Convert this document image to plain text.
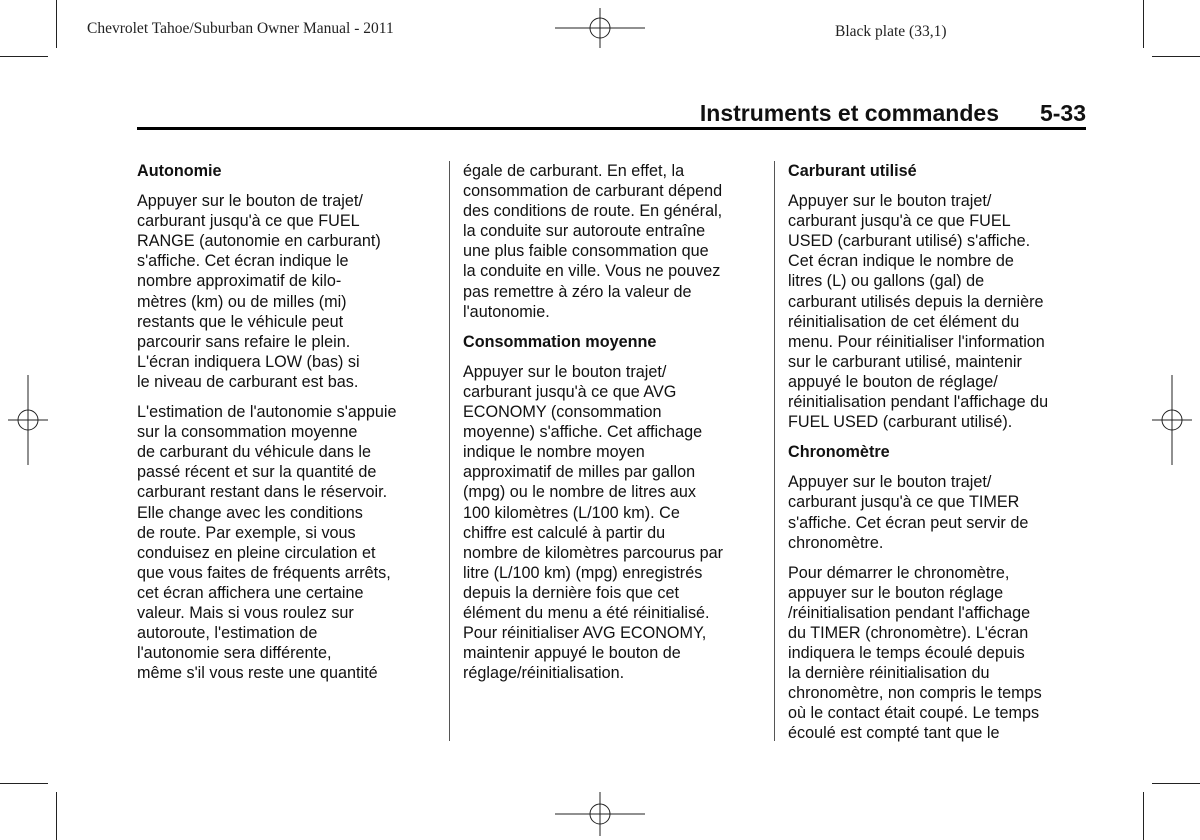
Chevrolet Tahoe/Suburban Owner Manual - 2011	Black plate (33,1)
Instruments et commandes 5-33
Autonomie
Appuyer sur le bouton de trajet/
carburant jusqu'à ce que FUEL
RANGE (autonomie en carburant)
s'affiche. Cet écran indique le
nombre approximatif de kilo-
mètres (km) ou de milles (mi)
restants que le véhicule peut
parcourir sans refaire le plein.
L'écran indiquera LOW (bas) si
le niveau de carburant est bas.
L'estimation de l'autonomie s'appuie
sur la consommation moyenne
de carburant du véhicule dans le
passé récent et sur la quantité de
carburant restant dans le réservoir.
Elle change avec les conditions
de route. Par exemple, si vous
conduisez en pleine circulation et
que vous faites de fréquents arrêts,
cet écran affichera une certaine
valeur. Mais si vous roulez sur
autoroute, l'estimation de
l'autonomie sera différente,
même s'il vous reste une quantité
égale de carburant. En effet, la
consommation de carburant dépend
des conditions de route. En général,
la conduite sur autoroute entraîne
une plus faible consommation que
la conduite en ville. Vous ne pouvez
pas remettre à zéro la valeur de
l'autonomie.
Consommation moyenne
Appuyer sur le bouton trajet/
carburant jusqu'à ce que AVG
ECONOMY (consommation
moyenne) s'affiche. Cet affichage
indique le nombre moyen
approximatif de milles par gallon
(mpg) ou le nombre de litres aux
100 kilomètres (L/100 km). Ce
chiffre est calculé à partir du
nombre de kilomètres parcourus par
litre (L/100 km) (mpg) enregistrés
depuis la dernière fois que cet
élément du menu a été réinitialisé.
Pour réinitialiser AVG ECONOMY,
maintenir appuyé le bouton de
réglage/réinitialisation.
Carburant utilisé
Appuyer sur le bouton trajet/
carburant jusqu'à ce que FUEL
USED (carburant utilisé) s'affiche.
Cet écran indique le nombre de
litres (L) ou gallons (gal) de
carburant utilisés depuis la dernière
réinitialisation de cet élément du
menu. Pour réinitialiser l'information
sur le carburant utilisé, maintenir
appuyé le bouton de réglage/
réinitialisation pendant l'affichage du
FUEL USED (carburant utilisé).
Chronomètre
Appuyer sur le bouton trajet/
carburant jusqu'à ce que TIMER
s'affiche. Cet écran peut servir de
chronomètre.
Pour démarrer le chronomètre,
appuyer sur le bouton réglage
/réinitialisation pendant l'affichage
du TIMER (chronomètre). L'écran
indiquera le temps écoulé depuis
la dernière réinitialisation du
chronomètre, non compris le temps
où le contact était coupé. Le temps
écoulé est compté tant que le
